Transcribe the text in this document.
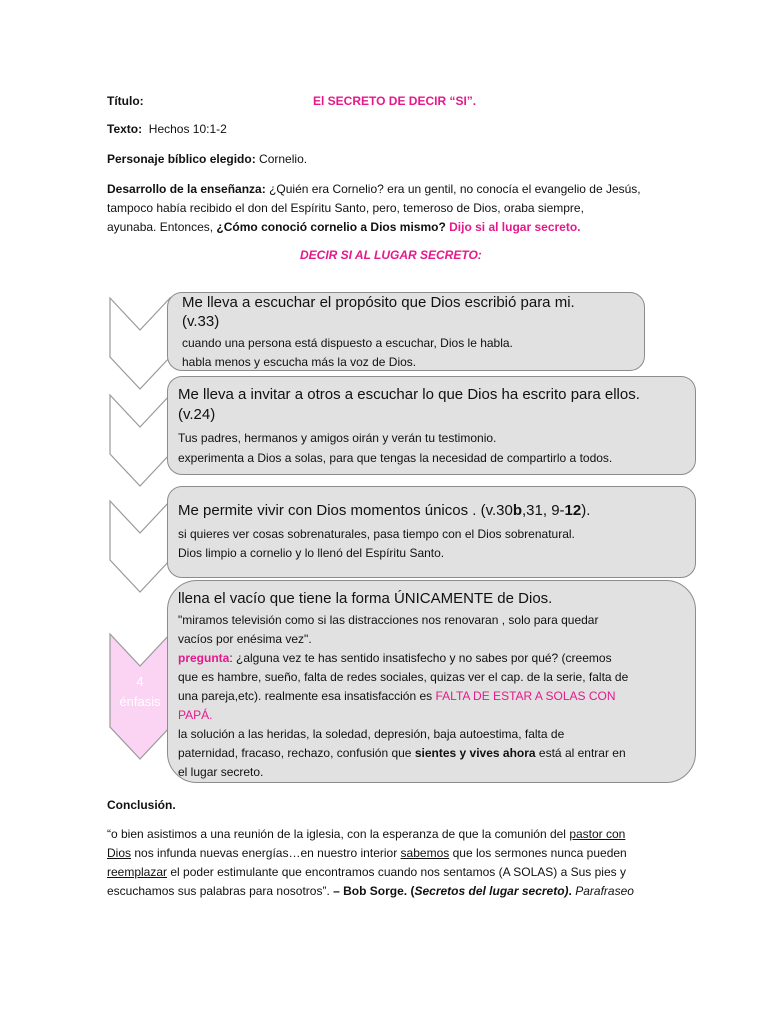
Título:	El SECRETO DE DECIR “SI”.
Texto: Hechos 10:1-2
Personaje bíblico elegido: Cornelio.
Desarrollo de la enseñanza: ¿Quién era Cornelio? era un gentil, no conocía el evangelio de Jesús,
tampoco había recibido el don del Espíritu Santo, pero, temeroso de Dios, oraba siempre,
ayunaba. Entonces, ¿Cómo conoció cornelio a Dios mismo? Dijo si al lugar secreto.
DECIR SI AL LUGAR SECRETO:
Me lleva a escuchar el propósito que Dios escribió para mi.
(v.33)
cuando una persona está dispuesto a escuchar, Dios le habla.
habla menos y escucha más la voz de Dios.
Me lleva a invitar a otros a escuchar lo que Dios ha escrito para ellos.
(v.24)
Tus padres, hermanos y amigos oirán y verán tu testimonio.
experimenta a Dios a solas, para que tengas la necesidad de compartirlo a todos.
Me permite vivir con Dios momentos únicos . (v.30b,31, 9-12).
si quieres ver cosas sobrenaturales, pasa tiempo con el Dios sobrenatural.
Dios limpio a cornelio y lo llenó del Espíritu Santo.
4
énfasis
llena el vacío que tiene la forma ÚNICAMENTE de Dios.
"miramos televisión como si las distracciones nos renovaran , solo para quedar
vacíos por enésima vez".
pregunta: ¿alguna vez te has sentido insatisfecho y no sabes por qué? (creemos
que es hambre, sueño, falta de redes sociales, quizas ver el cap. de la serie, falta de
una pareja,etc). realmente esa insatisfacción es FALTA DE ESTAR A SOLAS CON
PAPÁ.
la solución a las heridas, la soledad, depresión, baja autoestima, falta de
paternidad, fracaso, rechazo, confusión que sientes y vives ahora está al entrar en
el lugar secreto.
Conclusión.
“o bien asistimos a una reunión de la iglesia, con la esperanza de que la comunión del pastor con
Dios nos infunda nuevas energías…en nuestro interior sabemos que los sermones nunca pueden
reemplazar el poder estimulante que encontramos cuando nos sentamos (A SOLAS) a Sus pies y
escuchamos sus palabras para nosotros”. – Bob Sorge. (Secretos del lugar secreto). Parafraseo
